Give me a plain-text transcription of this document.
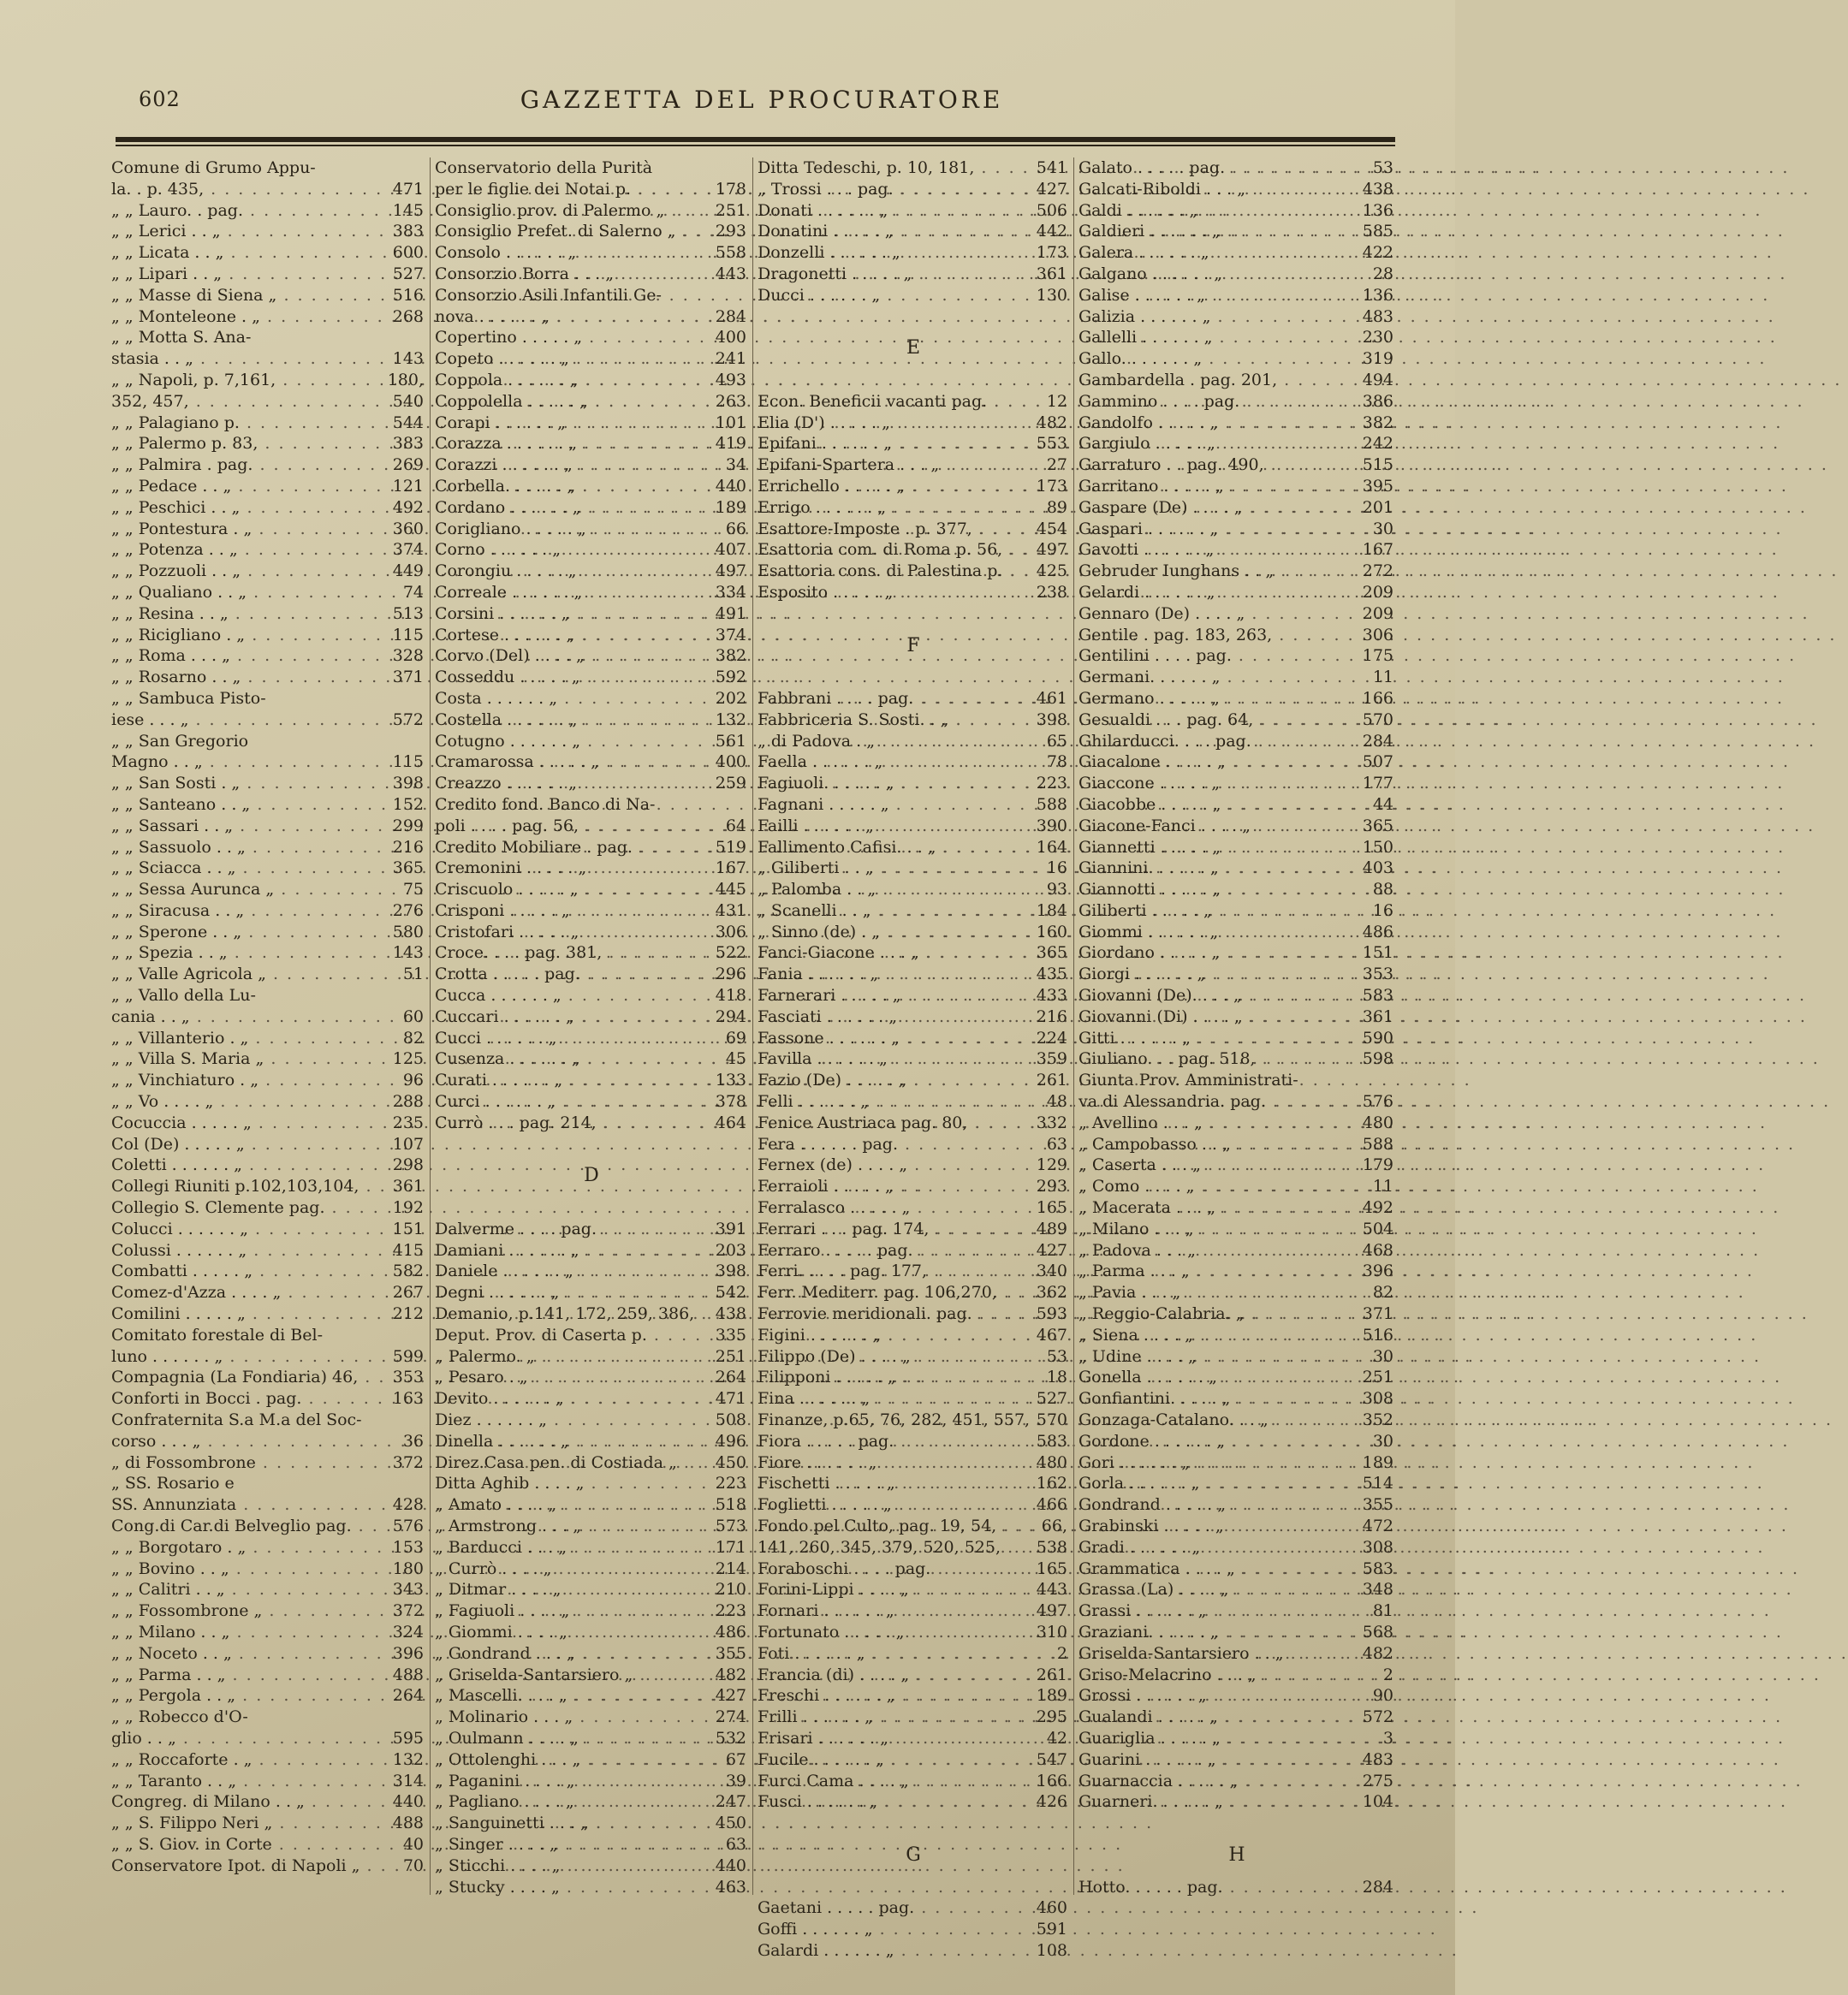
602	GAZZETTA DEL PROCURATORE
Comune di Grumo Appu-
la. . p. 435, . . .	471
„ „ Lauro. . pag. . . .	145
„ „ Lerici . . „ . . .	383
„ „ Licata . . „ . . .	600
„ „ Lipari . . „ . . .	527
„ „ Masse di Siena „ . . .	516
„ „ Monteleone . „ . . .	268
„ „ Motta S. Ana-
stasia . . „ . . .	143
„ „ Napoli, p. 7,161, . . .	180,
352, 457, . . .	540
„ „ Palagiano p. . . .	544
„ „ Palermo p. 83, . . .	383
„ „ Palmira . pag. . . .	269
„ „ Pedace . . „ . . .	121
„ „ Peschici . . „ . . .	492
„ „ Pontestura . „ . . .	360
„ „ Potenza . . „ . . .	374
„ „ Pozzuoli . . „ . . .	449
„ „ Qualiano . . „ . . .	74
„ „ Resina . . „ . . .	513
„ „ Ricigliano . „ . . .	115
„ „ Roma . . . „ . . .	328
„ „ Rosarno . . „ . . .	371
„ „ Sambuca Pisto-
iese . . . „ . . .	572
„ „ San Gregorio
Magno . . „ . . .	115
„ „ San Sosti . „ . . .	398
„ „ Santeano . . „ . . .	152
„ „ Sassari . . „ . . .	299
„ „ Sassuolo . . „ . . .	216
„ „ Sciacca . . „ . . .	365
„ „ Sessa Aurunca „ . . .	75
„ „ Siracusa . . „ . . .	276
„ „ Sperone . . „ . . .	580
„ „ Spezia . . „ . . .	143
„ „ Valle Agricola „ . . .	51
„ „ Vallo della Lu-
cania . . „ . . .	60
„ „ Villanterio . „ . . .	82
„ „ Villa S. Maria „ . . .	125
„ „ Vinchiaturo . „ . . .	96
„ „ Vo . . . . „ . . .	288
Cocuccia . . . . . „ . . .	235
Col (De) . . . . . „ . . .	107
Coletti . . . . . . „ . . .	298
Collegi Riuniti p.102,103,104, . . .	361
Collegio S. Clemente pag. . . .	192
Colucci . . . . . . „ . . .	151
Colussi . . . . . . „ . . .	415
Combatti . . . . . „ . . .	582
Comez-d'Azza . . . . „ . . .	267
Comilini . . . . . „ . . .	212
Comitato forestale di Bel-
luno . . . . . . „ . . .	599
Compagnia (La Fondiaria) 46, . . .	353
Conforti in Bocci . pag. . . .	163
Confraternita S.a M.a del Soc-
corso . . . „ . . .	36
„ di Fossombrone . . .	372
„ SS. Rosario e
SS. Annunziata . . .	428
Cong.di Car.di Belveglio pag. . . .	576
„ „ Borgotaro . „ . . .	153
„ „ Bovino . . „ . . .	180
„ „ Calitri . . „ . . .	343
„ „ Fossombrone „ . . .	372
„ „ Milano . . „ . . .	324
„ „ Noceto . . „ . . .	396
„ „ Parma . . „ . . .	488
„ „ Pergola . . „ . . .	264
„ „ Robecco d'O-
glio . . „ . . .	595
„ „ Roccaforte . „ . . .	132
„ „ Taranto . . „ . . .	314
Congreg. di Milano . . „ . . .	440
„ „ S. Filippo Neri „ . . .	488
„ „ S. Giov. in Corte . . .	40
Conservatore Ipot. di Napoli „ . . .	70
Conservatorio della Purità
per le figlie dei Notai p. . . .	178
Consiglio prov. di Palermo „ . . .	251
Consiglio Prefet. di Salerno „ . . .	293
Consolo . . . . . . „ . . .	558
Consorzio Borra . . . „ . . .	443
Consorzio Asili Infantili Ge-
nova . . . . . . „ . . .	284
Copertino . . . . . „ . . .	400
Copeto . . . . . . „ . . .	241
Coppola . . . . . . „ . . .	493
Coppolella . . . . . „ . . .	263
Corapi . . . . . . „ . . .	101
Corazza . . . . . . „ . . .	419
Corazzi . . . . . . „ . . .	34
Corbella. . . . . . „ . . .	440
Cordano . . . . . . „ . . .	189
Corigliano . . . . . „ . . .	66
Corno . . . . . . „ . . .	407
Corongiu . . . . . „ . . .	497
Correale . . . . . . „ . . .	334
Corsini . . . . . . „ . . .	491
Cortese . . . . . . „ . . .	374
Corvo (Del) . . . . „ . . .	382
Cosseddu . . . . . „ . . .	592
Costa . . . . . . „ . . .	202
Costella . . . . . . „ . . .	132
Cotugno . . . . . . „ . . .	561
Cramarossa . . . . . „ . . .	400
Creazzo . . . . . . „ . . .	259
Credito fond. Banco di Na-
poli . . . . pag. 56, . . .	64
Credito Mobiliare . pag. . . .	519
Cremonini . . . . . „ . . .	167
Criscuolo . . . . . „ . . .	445
Crisponi . . . . . „ . . .	431
Cristofari . . . . . „ . . .	306
Croce. . . . pag. 381, . . .	522
Crotta . . . . . pag. . . .	296
Cucca . . . . . . „ . . .	418
Cuccari . . . . . . „ . . .	294
Cucci . . . . . . „ . . .	69
Cusenza . . . . . . „ . . .	45
Curati . . . . . . „ . . .	133
Curci . . . . . . „ . . .	378
Currò . . . pag. 214, . . .	464
D
Dalverme . . . . pag. . . .	391
Damiani . . . . . . „ . . .	203
Daniele . . . . . . „ . . .	398
Degni . . . . . . „ . . .	542
Demanio, p.141, 172, 259, 386, . . .	438
Deput. Prov. di Caserta p. . . .	335
„ Palermo. „ . . .	251
„ Pesaro . „ . . .	264
Devito . . . . . . „ . . .	471
Diez . . . . . . „ . . .	508
Dinella . . . . . . „ . . .	496
Direz.Casa pen. di Costiada „ . . .	450
Ditta Aghib . . . . „ . . .	223
„ Amato . . . . „ . . .	518
„ Armstrong . . . „ . . .	573
„ Barducci . . . „ . . .	171
„ Currò . . . . „ . . .	214
„ Ditmar . . . . „ . . .	210
„ Fagiuoli . . . . „ . . .	223
„ Giommi . . . . „ . . .	486
„ Gondrand . . . „ . . .	355
„ Griselda-Santarsiero „ . . .	482
„ Mascelli. . . . „ . . .	427
„ Molinario . . . „ . . .	274
„ Oulmann . . . . „ . . .	532
„ Ottolenghi . . . „ . . .	67
„ Paganini . . . . „ . . .	39
„ Pagliano . . . . „ . . .	247
„ Sanguinetti . . . „ . . .	450
„ Singer . . . . „ . . .	63
„ Sticchi . . . . „ . . .	440
„ Stucky . . . . „ . . .	463
Ditta Tedeschi, p. 10, 181, . . .	541
„ Trossi . . . pag. . . .	427
Donati . . . . . . „ . . .	506
Donatini . . . . . „ . . .	442
Donzelli . . . . . . „ . . .	173
Dragonetti . . . . . „ . . .	361
Ducci . . . . . . „ . . .	130
E
Econ. Beneficii vacanti pag. . . .	12
Elia (D') . . . . . „ . . .	482
Epifani . . . . . . „ . . .	553
Epifani-Spartera . . . „ . . .	27
Errichello . . . . . „ . . .	173
Errigo . . . . . . „ . . .	89
Esattore-Imposte . p. 377, . . .	454
Esattoria com. di Roma p. 56, . . .	497
Esattoria cons. di Palestina p. . . .	425
Esposito . . . . . „ . . .	238
F
Fabbrani . . . . pag. . . .	461
Fabbriceria S. Sosti. . „ . . .	398
„ di Padova . „ . . .	65
Faella . . . . . . „ . . .	78
Fagiuoli. . . . . . „ . . .	223
Fagnani . . . . . „ . . .	588
Failli . . . . . . „ . . .	390
Fallimento Cafisi. . . „ . . .	164
„ Giliberti . . „ . . .	16
„ Palomba . . „ . . .	93
„ Scanelli . . „ . . .	184
„ Sinno (de) . „ . . .	160
Fanci-Giacone . . . „ . . .	365
Fania . . . . . . „ . . .	435
Farnerari . . . . . „ . . .	433
Fasciati . . . . . . „ . . .	216
Fassone . . . . . . „ . . .	224
Favilla . . . . . . „ . . .	359
Fazio (De) . . . . . „ . . .	261
Felli . . . . . . „ . . .	48
Fenice Austriaca pag. 80, . . .	332
Fera . . . . . . pag. . . .	63
Fernex (de) . . . . „ . . .	129
Ferraioli . . . . . „ . . .	293
Ferralasco . . . . . „ . . .	165
Ferrari . . . pag. 174, . . .	489
Ferraro . . . . . pag. . . .	427
Ferri. . . . . pag. 177, . . .	340
Ferr. Mediterr. pag. 106,270, . . .	362
Ferrovie meridionali. pag. . . .	593
Figini . . . . . . „ . . .	467
Filippo (De) . . . . „ . . .	53
Filipponi . . . . . „ . . .	18
Fina . . . . . . „ . . .	527
Finanze, p.65, 76, 282, 451, 557, . . . 570
Fiora . . . . . pag. . . .	583
Fiore . . . . . . „ . . .	480
Fischetti . . . . . „ . . .	162
Foglietti . . . . . „ . . .	466
Fondo pel Culto, pag. 19, 54, . . .	66,
141, 260, 345, 379, 520, 525, . . .	538
Foraboschi . . . . pag. . . .	165
Forini-Lippi . . . . „ . . .	443
Fornari . . . . . . „ . . .	497
Fortunato . . . . . „ . . .	310
Foti . . . . . . „ . . .	2
Francia (di) . . . . „ . . .	261
Freschi . . . . . . „ . . .	189
Frilli . . . . . . „ . . .	295
Frisari . . . . . . „ . . .	42
Fucile . . . . . . „ . . .	547
Furci Cama . . . . „ . . .	166
Fusci . . . . . . „ . . .	426
G
Gaetani . . . . . pag. . . .	460
Goffi . . . . . . „ . . .	591
Galardi . . . . . . „ . . .	108
Galato . . . . . pag. . . .	53
Galcati-Riboldi . . . „ . . .	438
Galdi . . . . . . „ . . .	136
Galdieri . . . . . . „ . . .	585
Galera . . . . . . „ . . .	422
Galgano . . . . . . „ . . .	28
Galise . . . . . . „ . . .	136
Galizia . . . . . . „ . . .	483
Gallelli . . . . . . „ . . .	230
Gallo. . . . . . . „ . . .	319
Gambardella . pag. 201, . . .	494
Gammino . . . . pag. . . .	386
Gandolfo . . . . . „ . . .	382
Gargiulo . . . . . „ . . .	242
Garraturo . . pag. 490, . . .	515
Garritano . . . . . „ . . .	395
Gaspare (De) . . . . „ . . .	201
Gaspari . . . . . . „ . . .	30
Gavotti . . . . . . „ . . .	167
Gebruder Iunghans . . „ . . .	272
Gelardi . . . . . . „ . . .	209
Gennaro (De) . . . . „ . . .	209
Gentile . pag. 183, 263, . . .	306
Gentilini . . . . pag. . . .	175
Germani. . . . . . „ . . .	11
Germano . . . . . „ . . .	166
Gesualdi . . . pag. 64, . . .	570
Ghilarducci. . . . pag. . . .	284
Giacalone . . . . . „ . . .	507
Giaccone . . . . . „ . . .	177
Giacobbe . . . . . „ . . .	44
Giacone-Fanci . . . . „ . . .	365
Giannetti . . . . . „ . . .	150
Giannini. . . . . . „ . . .	403
Giannotti . . . . . „ . . .	88
Giliberti . . . . . „ . . .	16
Giommi . . . . . . „ . . .	486
Giordano . . . . . „ . . .	151
Giorgi . . . . . . „ . . .	353
Giovanni (De). . . . „ . . .	583
Giovanni (Di) . . . . „ . . .	361
Gitti . . . . . . „ . . .	590
Giuliano. . . pag. 518, . . .	598
Giunta Prov. Amministrati-
va di Alessandria. pag. . . .	576
„ Avellino . . . „ . . .	480
„ Campobasso . . „ . . .	588
„ Caserta . . . „ . . .	179
„ Como . . . . „ . . .	11
„ Macerata . . . „ . . .	492
„ Milano . . . „ . . .	504
„ Padova . . . „ . . .	468
„ Parma . . . „ . . .	396
„ Pavia . . . „ . . .	82
„ Reggio-Calabria. „ . . .	371
„ Siena . . . . „ . . .	516
„ Udine . . . . „ . . .	30
Gonella . . . . . . „ . . .	251
Gonfiantini. . . . . „ . . .	308
Gonzaga-Catalano. . . „ . . .	352
Gordone . . . . . . „ . . .	30
Gori . . . . . . „ . . .	189
Gorla . . . . . . „ . . .	514
Gondrand . . . . . „ . . .	355
Grabinski . . . . . „ . . .	472
Gradi . . . . . . „ . . .	308
Grammatica . . . . „ . . .	583
Grassa (La) . . . . „ . . .	348
Grassi . . . . . . „ . . .	81
Graziani. . . . . . „ . . .	568
Griselda-Santarsiero . . „ . . .	482
Griso-Melacrino . . . „ . . .	2
Grossi . . . . . . „ . . .	90
Gualandi . . . . . „ . . .	572
Guariglia . . . . . „ . . .	3
Guarini . . . . . . „ . . .	483
Guarnaccia . . . . . „ . . .	275
Guarneri. . . . . . „ . . .	104
H
Hotto. . . . . . pag. . . .	284
